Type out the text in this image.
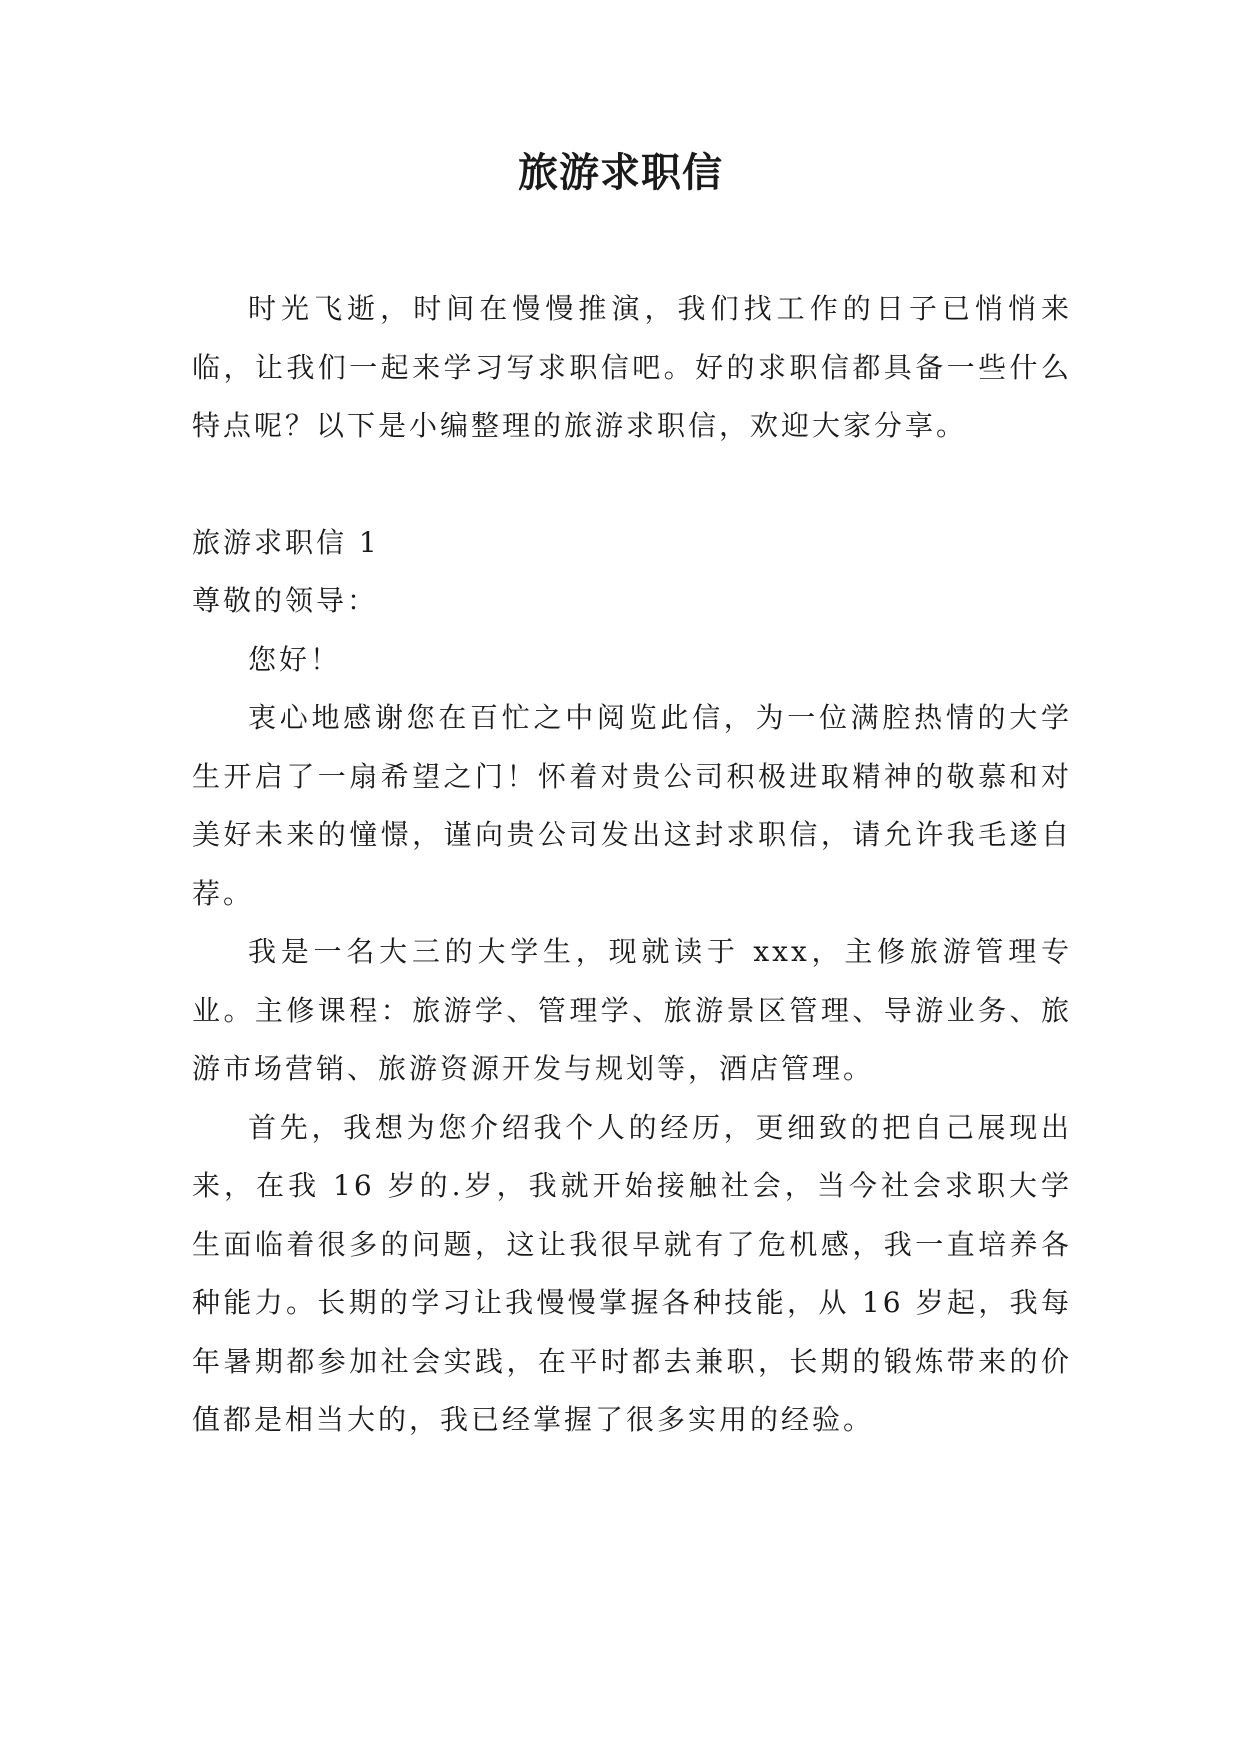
旅游求职信

时光飞逝，时间在慢慢推演，我们找工作的日子已悄悄来临，让我们一起来学习写求职信吧。好的求职信都具备一些什么特点呢？以下是小编整理的旅游求职信，欢迎大家分享。

旅游求职信 1

尊敬的领导：

您好！

衷心地感谢您在百忙之中阅览此信，为一位满腔热情的大学生开启了一扇希望之门！怀着对贵公司积极进取精神的敬慕和对美好未来的憧憬，谨向贵公司发出这封求职信，请允许我毛遂自荐。

我是一名大三的大学生，现就读于 xxx，主修旅游管理专业。主修课程：旅游学、管理学、旅游景区管理、导游业务、旅游市场营销、旅游资源开发与规划等，酒店管理。

首先，我想为您介绍我个人的经历，更细致的把自己展现出来，在我 16 岁的.岁，我就开始接触社会，当今社会求职大学生面临着很多的问题，这让我很早就有了危机感，我一直培养各种能力。长期的学习让我慢慢掌握各种技能，从 16 岁起，我每年暑期都参加社会实践，在平时都去兼职，长期的锻炼带来的价值都是相当大的，我已经掌握了很多实用的经验。
